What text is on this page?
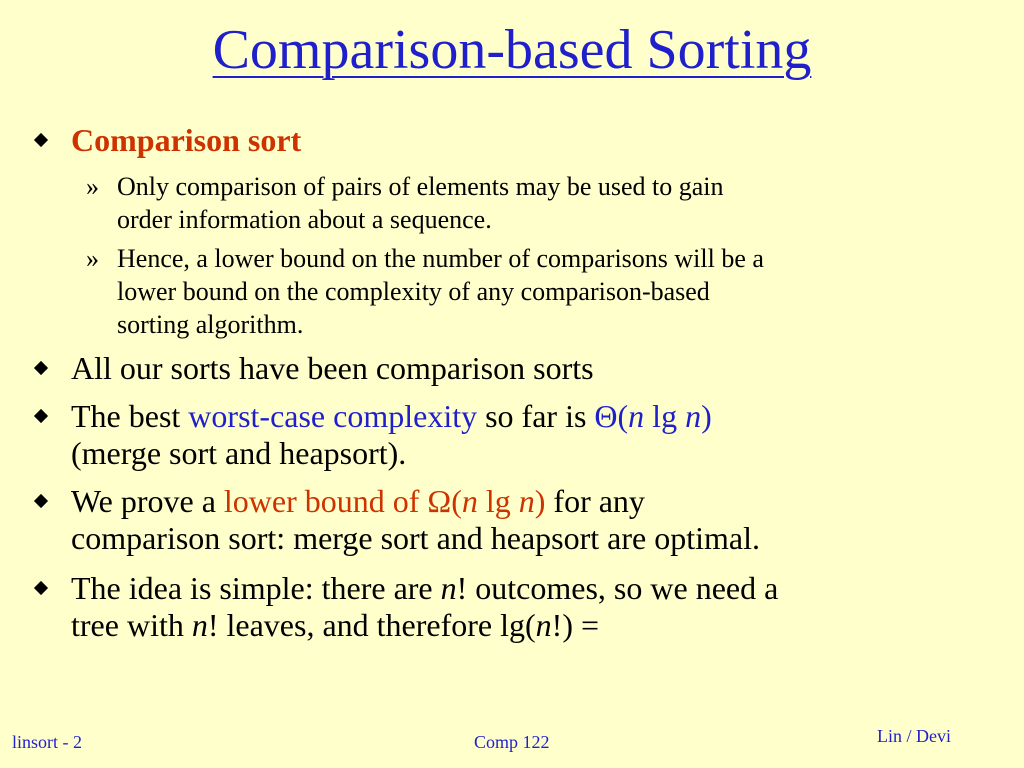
Comparison-based Sorting
Comparison sort
» Only comparison of pairs of elements may be used to gain
order information about a sequence.
» Hence, a lower bound on the number of comparisons will be a
lower bound on the complexity of any comparison-based
sorting algorithm.
All our sorts have been comparison sorts
The best worst-case complexity so far is Θ(n lg n)
(merge sort and heapsort).
We prove a lower bound of Ω(n lg n) for any
comparison sort: merge sort and heapsort are optimal.
The idea is simple: there are n! outcomes, so we need a
tree with n! leaves, and therefore lg(n!) =
linsort - 2	Comp 122	Lin / Devi
